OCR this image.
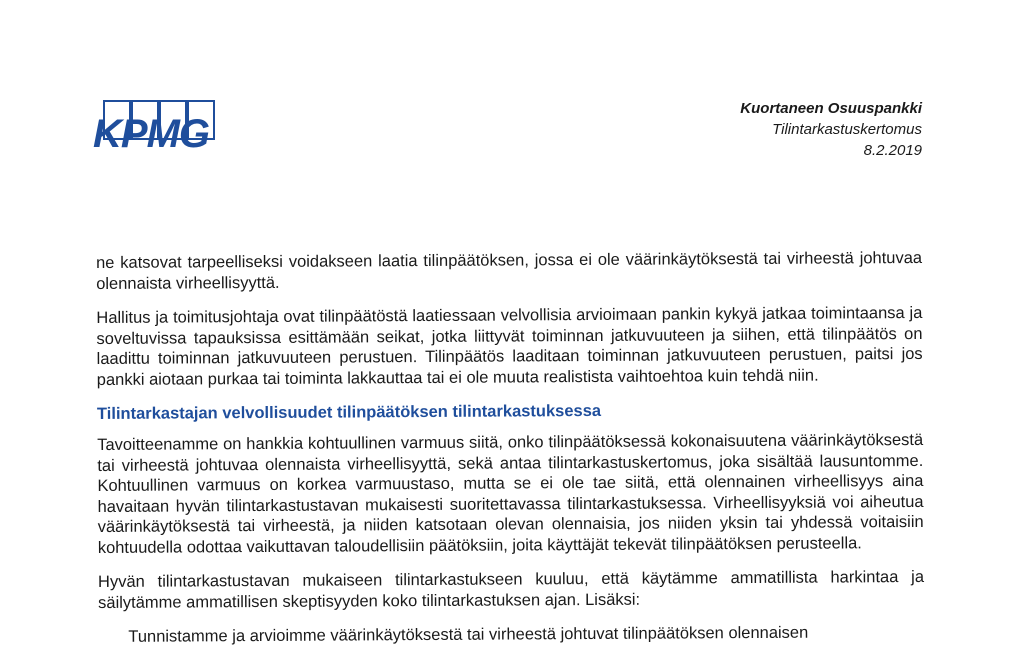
KPMG
Kuortaneen Osuuspankki
Tilintarkastuskertomus
8.2.2019

ne katsovat tarpeelliseksi voidakseen laatia tilinpäätöksen, jossa ei ole väärinkäytöksestä tai virheestä johtuvaa olennaista virheellisyyttä.

Hallitus ja toimitusjohtaja ovat tilinpäätöstä laatiessaan velvollisia arvioimaan pankin kykyä jatkaa toimintaansa ja soveltuvissa tapauksissa esittämään seikat, jotka liittyvät toiminnan jatkuvuuteen ja siihen, että tilinpäätös on laadittu toiminnan jatkuvuuteen perustuen. Tilinpäätös laaditaan toiminnan jatkuvuuteen perustuen, paitsi jos pankki aiotaan purkaa tai toiminta lakkauttaa tai ei ole muuta realistista vaihtoehtoa kuin tehdä niin.

Tilintarkastajan velvollisuudet tilinpäätöksen tilintarkastuksessa

Tavoitteenamme on hankkia kohtuullinen varmuus siitä, onko tilinpäätöksessä kokonaisuutena väärinkäytöksestä tai virheestä johtuvaa olennaista virheellisyyttä, sekä antaa tilintarkastuskertomus, joka sisältää lausuntomme. Kohtuullinen varmuus on korkea varmuustaso, mutta se ei ole tae siitä, että olennainen virheellisyys aina havaitaan hyvän tilintarkastustavan mukaisesti suoritettavassa tilintarkastuksessa. Virheellisyyksiä voi aiheutua väärinkäytöksestä tai virheestä, ja niiden katsotaan olevan olennaisia, jos niiden yksin tai yhdessä voitaisiin kohtuudella odottaa vaikuttavan taloudellisiin päätöksiin, joita käyttäjät tekevät tilinpäätöksen perusteella.

Hyvän tilintarkastustavan mukaiseen tilintarkastukseen kuuluu, että käytämme ammatillista harkintaa ja säilytämme ammatillisen skeptisyyden koko tilintarkastuksen ajan. Lisäksi:

Tunnistamme ja arvioimme väärinkäytöksestä tai virheestä johtuvat tilinpäätöksen olennaisen
